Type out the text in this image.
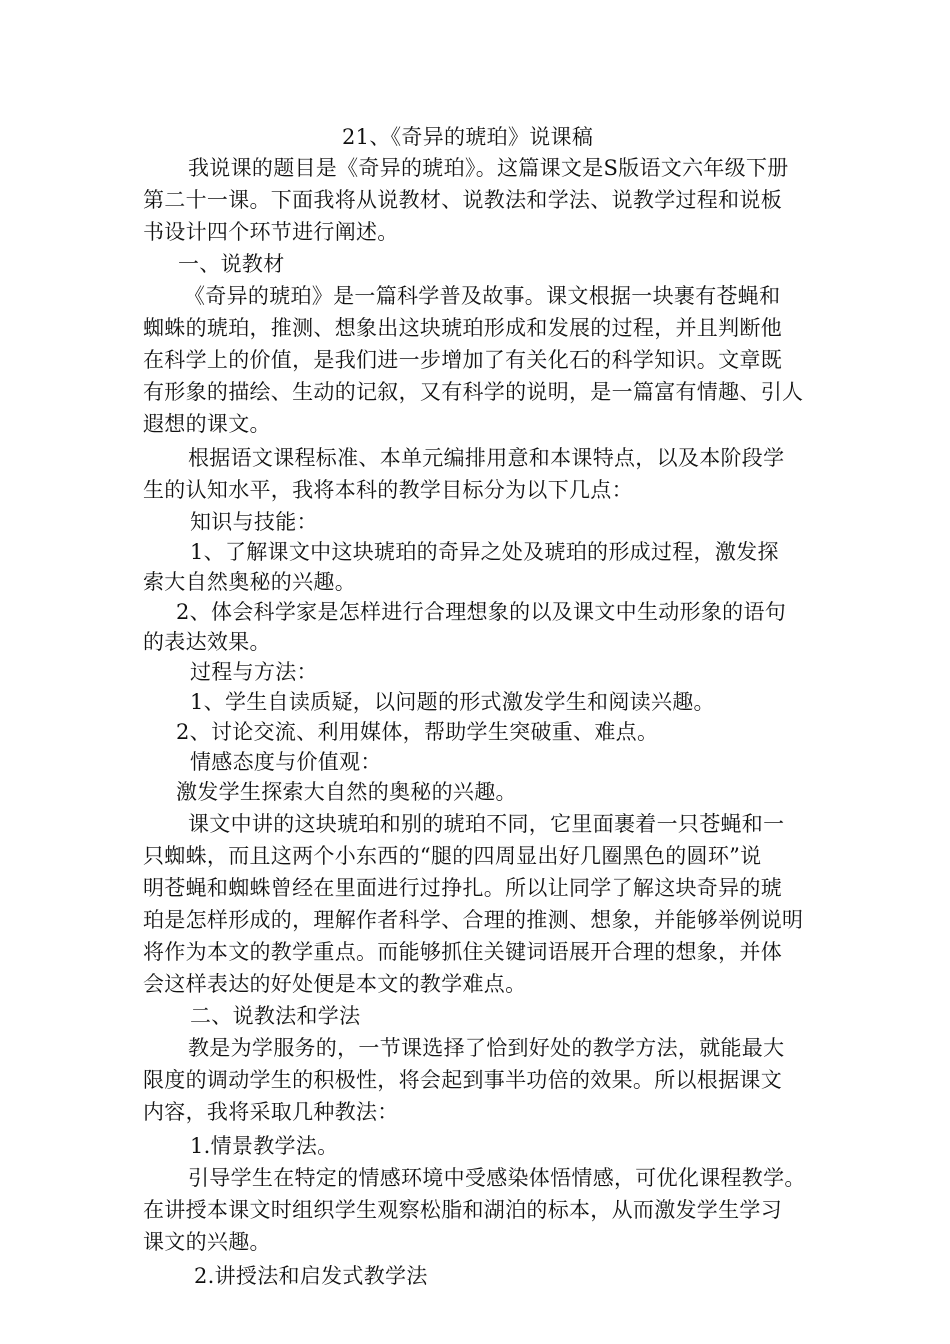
21、《奇异的琥珀》说课稿
我说课的题目是《奇异的琥珀》。这篇课文是S版语文六年级下册
第二十一课。下面我将从说教材、说教法和学法、说教学过程和说板
书设计四个环节进行阐述。
一、说教材
《奇异的琥珀》是一篇科学普及故事。课文根据一块裹有苍蝇和
蜘蛛的琥珀，推测、想象出这块琥珀形成和发展的过程，并且判断他
在科学上的价值，是我们进一步增加了有关化石的科学知识。文章既
有形象的描绘、生动的记叙，又有科学的说明，是一篇富有情趣、引人
遐想的课文。
根据语文课程标准、本单元编排用意和本课特点，以及本阶段学
生的认知水平，我将本科的教学目标分为以下几点：
知识与技能：
1、了解课文中这块琥珀的奇异之处及琥珀的形成过程，激发探
索大自然奥秘的兴趣。
2、体会科学家是怎样进行合理想象的以及课文中生动形象的语句
的表达效果。
过程与方法：
1、学生自读质疑，以问题的形式激发学生和阅读兴趣。
2、讨论交流、利用媒体，帮助学生突破重、难点。
情感态度与价值观：
激发学生探索大自然的奥秘的兴趣。
课文中讲的这块琥珀和别的琥珀不同，它里面裹着一只苍蝇和一
只蜘蛛，而且这两个小东西的“腿的四周显出好几圈黑色的圆环”说
明苍蝇和蜘蛛曾经在里面进行过挣扎。所以让同学了解这块奇异的琥
珀是怎样形成的，理解作者科学、合理的推测、想象，并能够举例说明
将作为本文的教学重点。而能够抓住关键词语展开合理的想象，并体
会这样表达的好处便是本文的教学难点。
二、说教法和学法
教是为学服务的，一节课选择了恰到好处的教学方法，就能最大
限度的调动学生的积极性，将会起到事半功倍的效果。所以根据课文
内容，我将采取几种教法：
1.情景教学法。
引导学生在特定的情感环境中受感染体悟情感，可优化课程教学。
在讲授本课文时组织学生观察松脂和湖泊的标本，从而激发学生学习
课文的兴趣。
2.讲授法和启发式教学法
